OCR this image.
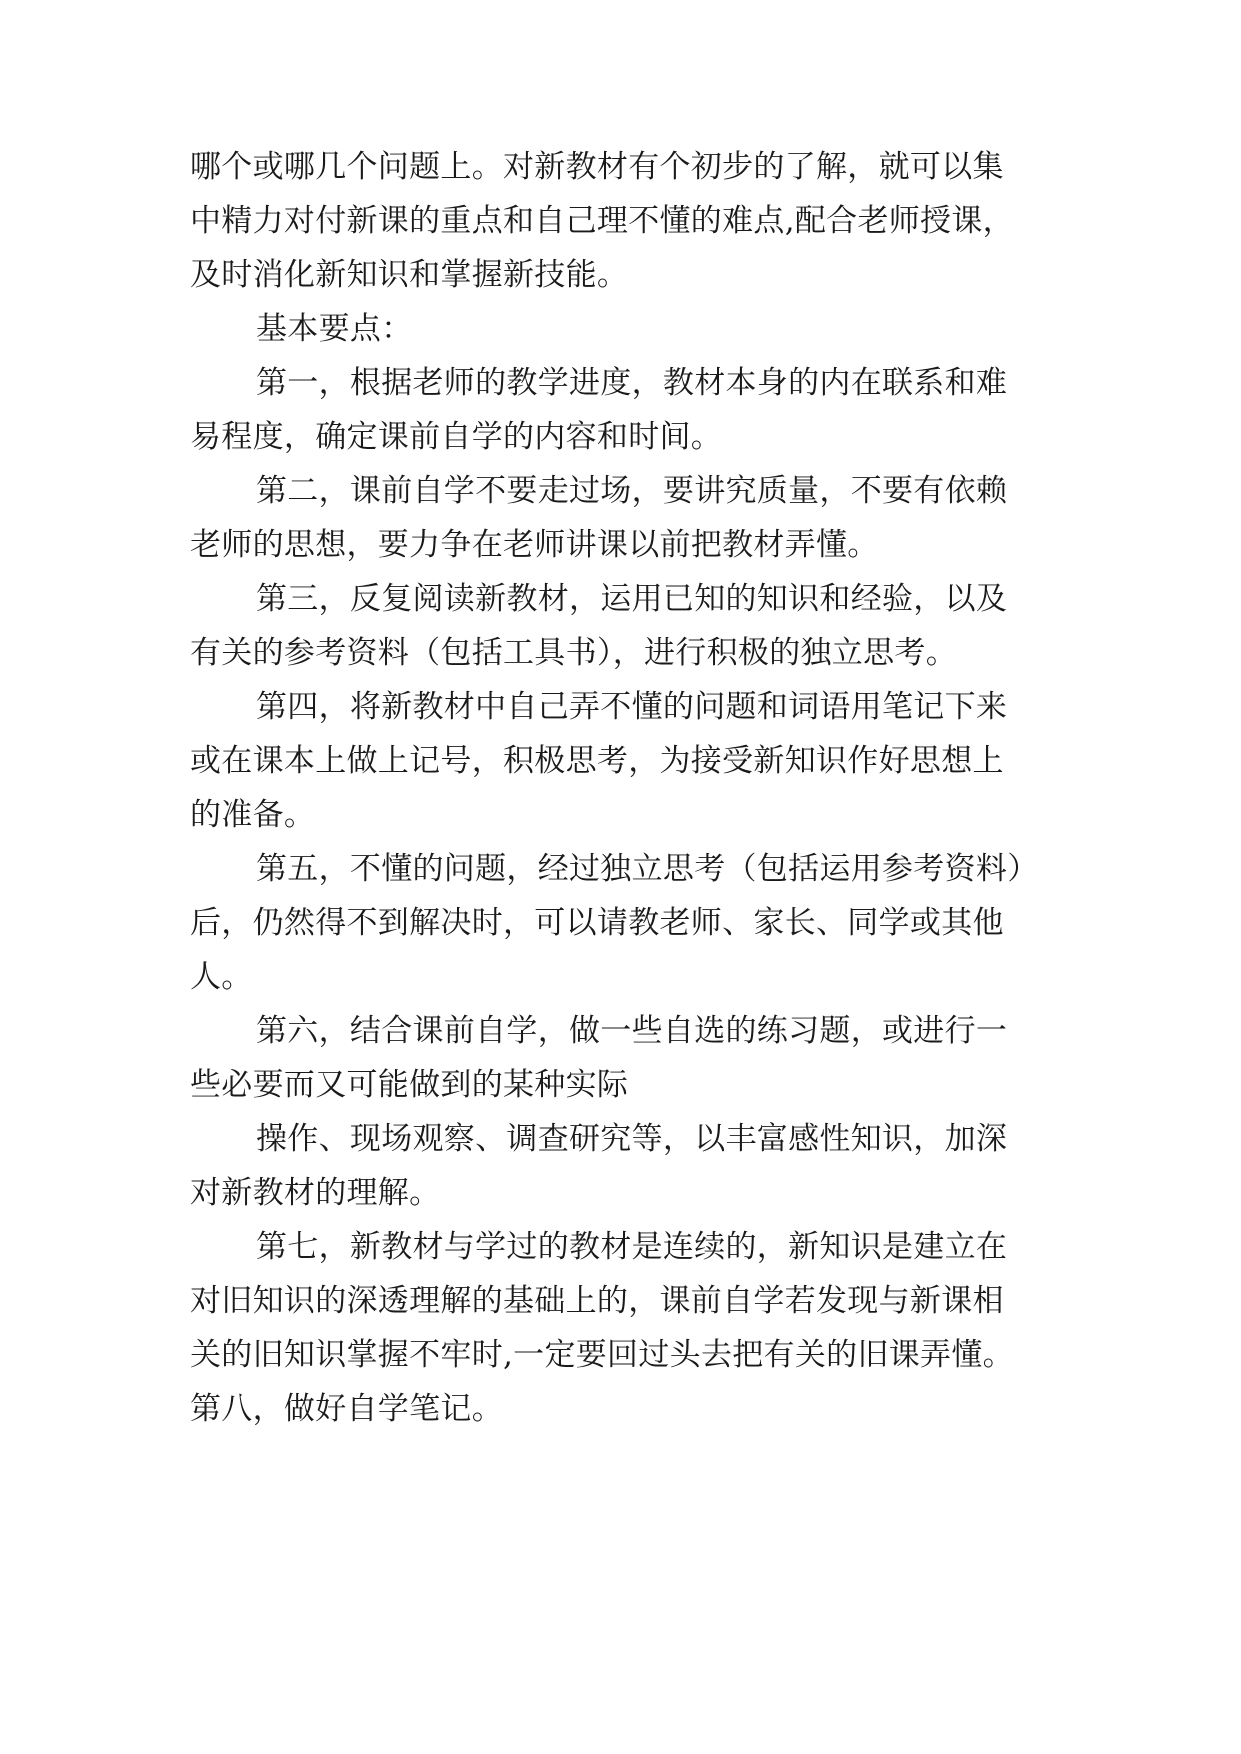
哪个或哪几个问题上。对新教材有个初步的了解，就可以集
中精力对付新课的重点和自己理不懂的难点,配合老师授课，
及时消化新知识和掌握新技能。
基本要点：
第一，根据老师的教学进度，教材本身的内在联系和难
易程度，确定课前自学的内容和时间。
第二，课前自学不要走过场，要讲究质量，不要有依赖
老师的思想，要力争在老师讲课以前把教材弄懂。
第三，反复阅读新教材，运用已知的知识和经验，以及
有关的参考资料（包括工具书），进行积极的独立思考。
第四，将新教材中自己弄不懂的问题和词语用笔记下来
或在课本上做上记号，积极思考，为接受新知识作好思想上
的准备。
第五，不懂的问题，经过独立思考（包括运用参考资料）
后，仍然得不到解决时，可以请教老师、家长、同学或其他
人。
第六，结合课前自学，做一些自选的练习题，或进行一
些必要而又可能做到的某种实际
操作、现场观察、调查研究等，以丰富感性知识，加深
对新教材的理解。
第七，新教材与学过的教材是连续的，新知识是建立在
对旧知识的深透理解的基础上的，课前自学若发现与新课相
关的旧知识掌握不牢时,一定要回过头去把有关的旧课弄懂。
第八，做好自学笔记。
